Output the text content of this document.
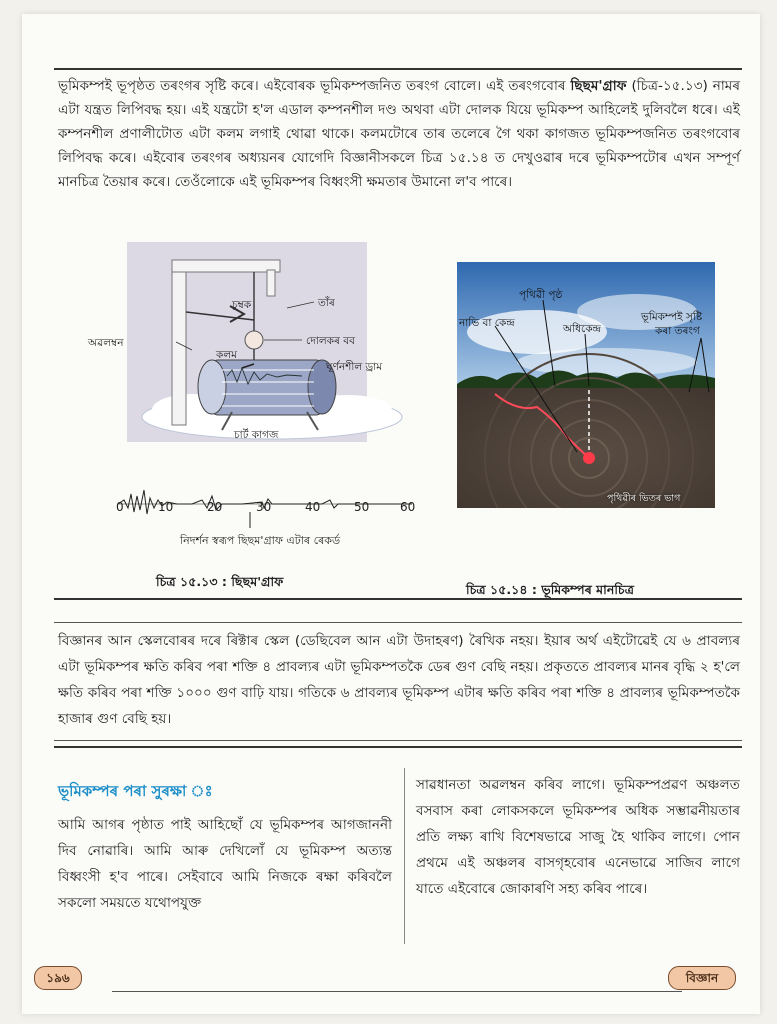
ভূমিকম্পই ভূপৃষ্ঠত তৰংগৰ সৃষ্টি কৰে। এইবোৰক ভূমিকম্পজনিত তৰংগ বোলে। এই তৰংগবোৰ ছিছম'গ্ৰাফ (চিত্ৰ-১৫.১৩) নামৰ এটা যন্ত্ৰত লিপিবদ্ধ হয়। এই যন্ত্ৰটো হ'ল এডাল কম্পনশীল দণ্ড অথবা এটা দোলক যিয়ে ভূমিকম্প আহিলেই দুলিবলৈ ধৰে। এই কম্পনশীল প্ৰণালীটোত এটা কলম লগাই থোৱা থাকে। কলমটোৰে তাৰ তলেৰে গৈ থকা কাগজত ভূমিকম্পজনিত তৰংগবোৰ লিপিবদ্ধ কৰে। এইবোৰ তৰংগৰ অধ্যয়নৰ যোগেদি বিজ্ঞানীসকলে চিত্ৰ ১৫.১৪ ত দেখুওৱাৰ দৰে ভূমিকম্পটোৰ এখন সম্পূৰ্ণ মানচিত্ৰ তৈয়াৰ কৰে। তেওঁলোকে এই ভূমিকম্পৰ বিধ্বংসী ক্ষমতাৰ উমানো ল'ব পাৰে।
চুম্বক	তাঁৰ
অৱলম্বন	দোলকৰ বব
কলম
ঘূৰ্ণনশীল ড্ৰাম
চাৰ্ট কাগজ
0	10	20	30	40	50	60
নিদৰ্শন স্বৰূপ ছিছম'গ্ৰাফ এটাৰ ৰেকৰ্ড
চিত্ৰ ১৫.১৩ : ছিছম'গ্ৰাফ
নাভি বা কেন্দ্ৰ
পৃথিৱী পৃষ্ঠ
অধিকেন্দ্ৰ
ভূমিকম্পই সৃষ্টি
কৰা তৰংগ
পৃথিৱীৰ ভিতৰ ভাগ
চিত্ৰ ১৫.১৪ : ভূমিকম্পৰ মানচিত্ৰ
বিজ্ঞানৰ আন স্কেলবোৰৰ দৰে ৰিক্টাৰ স্কেল (ডেছিবেল আন এটা উদাহৰণ) ৰৈখিক নহয়। ইয়াৰ অৰ্থ এইটোৱেই যে ৬ প্ৰাবল্যৰ এটা ভূমিকম্পৰ ক্ষতি কৰিব পৰা শক্তি ৪ প্ৰাবল্যৰ এটা ভূমিকম্পতকৈ ডেৰ গুণ বেছি নহয়। প্ৰকৃততে প্ৰাবল্যৰ মানৰ বৃদ্ধি ২ হ'লে ক্ষতি কৰিব পৰা শক্তি ১০০০ গুণ বাঢ়ি যায়। গতিকে ৬ প্ৰাবল্যৰ ভূমিকম্প এটাৰ ক্ষতি কৰিব পৰা শক্তি ৪ প্ৰাবল্যৰ ভূমিকম্পতকৈ হাজাৰ গুণ বেছি হয়।
ভূমিকম্পৰ পৰা সুৰক্ষা ঃ
আমি আগৰ পৃষ্ঠাত পাই আহিছোঁ যে ভূমিকম্পৰ আগজাননী দিব নোৱাৰি। আমি আৰু দেখিলোঁ যে ভূমিকম্প অত্যন্ত বিধ্বংসী হ'ব পাৰে। সেইবাবে আমি নিজকে ৰক্ষা কৰিবলৈ সকলো সময়তে যথোপযুক্ত
সাৱধানতা অৱলম্বন কৰিব লাগে। ভূমিকম্পপ্ৰৱণ অঞ্চলত বসবাস কৰা লোকসকলে ভূমিকম্পৰ অধিক সম্ভাৱনীয়তাৰ প্ৰতি লক্ষ্য ৰাখি বিশেষভাৱে সাজু হৈ থাকিব লাগে। পোন প্ৰথমে এই অঞ্চলৰ বাসগৃহবোৰ এনেভাৱে সাজিব লাগে যাতে এইবোৰে জোকাৰণি সহ্য কৰিব পাৰে।
১৯৬	বিজ্ঞান
